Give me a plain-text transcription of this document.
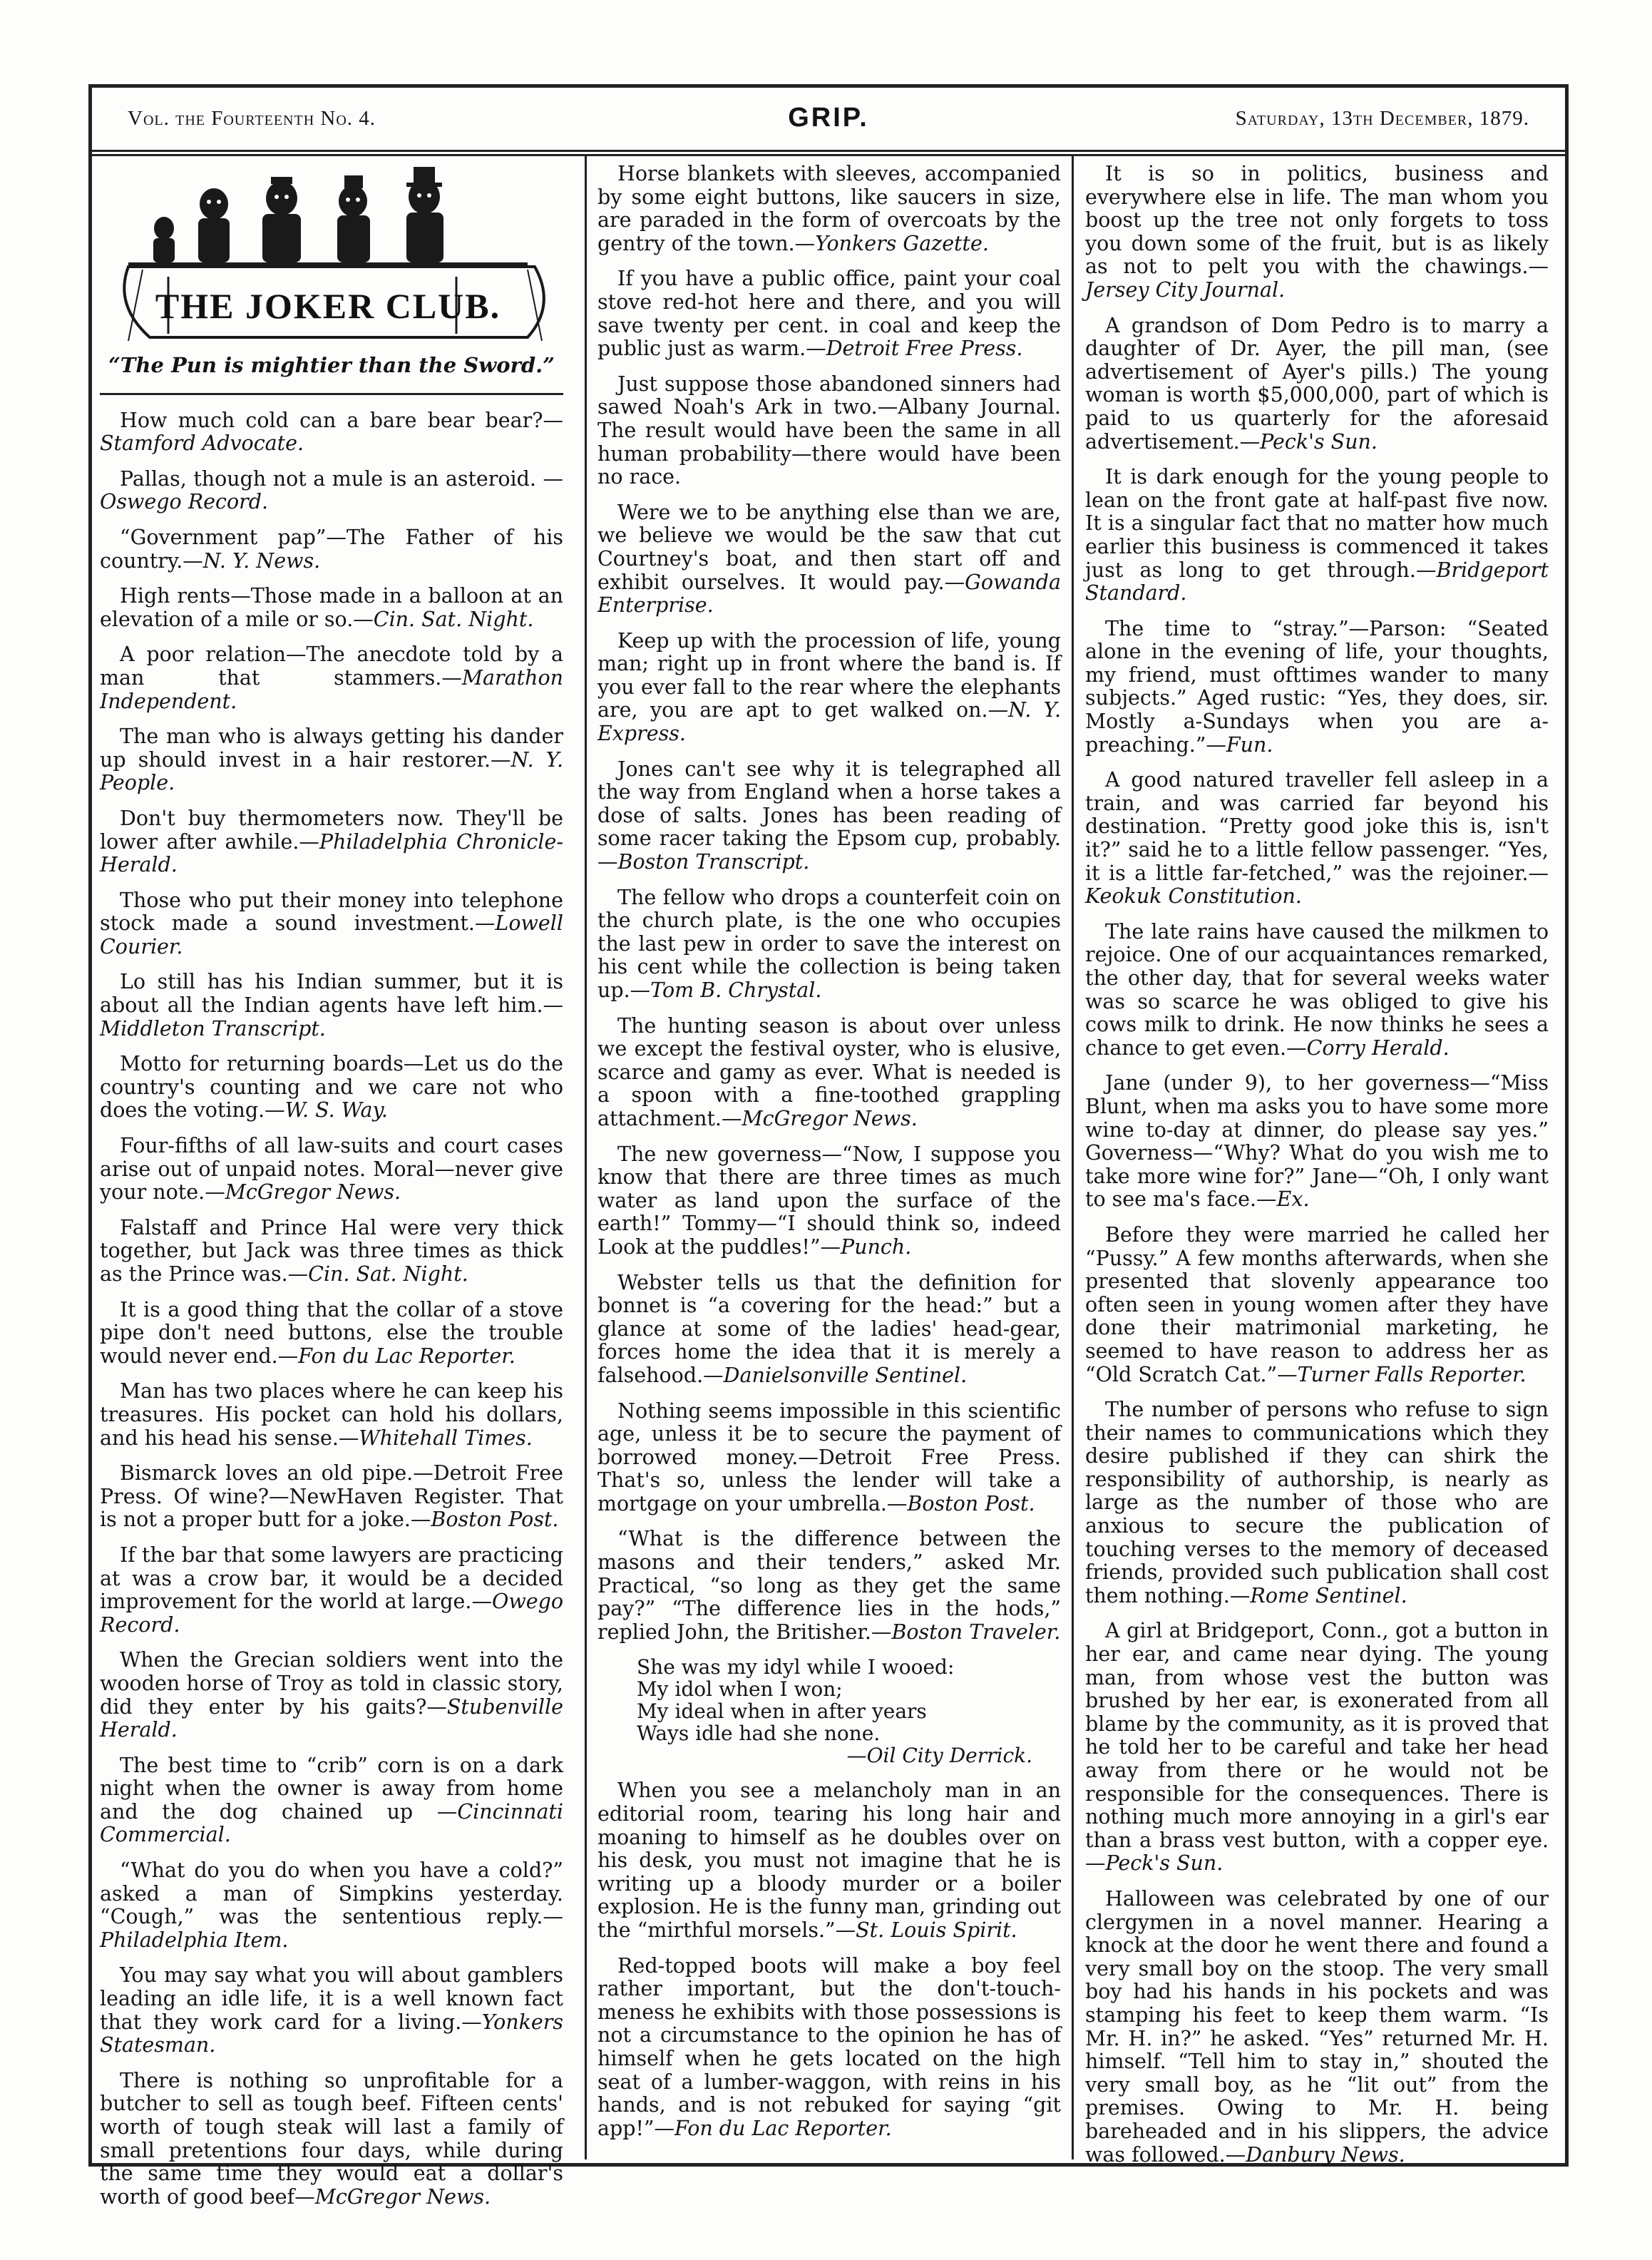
Vol. the Fourteenth No. 4.	GRIP.	Saturday, 13th December, 1879.
THE JOKER CLUB.
“The Pun is mightier than the Sword.”

How much cold can a bare bear bear?—Stamford Advocate.

Pallas, though not a mule is an asteroid. —Oswego Record.

“Government pap”—The Father of his country.—N. Y. News.

High rents—Those made in a balloon at an elevation of a mile or so.—Cin. Sat. Night.

A poor relation—The anecdote told by a man that stammers.—Marathon Independent.

The man who is always getting his dander up should invest in a hair restorer.—N. Y. People.

Don't buy thermometers now. They'll be lower after awhile.—Philadelphia Chronicle-Herald.

Those who put their money into telephone stock made a sound investment.—Lowell Courier.

Lo still has his Indian summer, but it is about all the Indian agents have left him.—Middleton Transcript.

Motto for returning boards—Let us do the country's counting and we care not who does the voting.—W. S. Way.

Four-fifths of all law-suits and court cases arise out of unpaid notes. Moral—never give your note.—McGregor News.

Falstaff and Prince Hal were very thick together, but Jack was three times as thick as the Prince was.—Cin. Sat. Night.

It is a good thing that the collar of a stove pipe don't need buttons, else the trouble would never end.—Fon du Lac Reporter.

Man has two places where he can keep his treasures. His pocket can hold his dollars, and his head his sense.—Whitehall Times.

Bismarck loves an old pipe.—Detroit Free Press. Of wine?—NewHaven Register. That is not a proper butt for a joke.—Boston Post.

If the bar that some lawyers are practicing at was a crow bar, it would be a decided improvement for the world at large.—Owego Record.

When the Grecian soldiers went into the wooden horse of Troy as told in classic story, did they enter by his gaits?—Stubenville Herald.

The best time to “crib” corn is on a dark night when the owner is away from home and the dog chained up —Cincinnati Commercial.

“What do you do when you have a cold?” asked a man of Simpkins yesterday. “Cough,” was the sententious reply.—Philadelphia Item.

You may say what you will about gamblers leading an idle life, it is a well known fact that they work card for a living.—Yonkers Statesman.

There is nothing so unprofitable for a butcher to sell as tough beef. Fifteen cents' worth of tough steak will last a family of small pretentions four days, while during the same time they would eat a dollar's worth of good beef—McGregor News.

Horse blankets with sleeves, accompanied by some eight buttons, like saucers in size, are paraded in the form of overcoats by the gentry of the town.—Yonkers Gazette.

If you have a public office, paint your coal stove red-hot here and there, and you will save twenty per cent. in coal and keep the public just as warm.—Detroit Free Press.

Just suppose those abandoned sinners had sawed Noah's Ark in two.—Albany Journal. The result would have been the same in all human probability—there would have been no race.

Were we to be anything else than we are, we believe we would be the saw that cut Courtney's boat, and then start off and exhibit ourselves. It would pay.—Gowanda Enterprise.

Keep up with the procession of life, young man; right up in front where the band is. If you ever fall to the rear where the elephants are, you are apt to get walked on.—N. Y. Express.

Jones can't see why it is telegraphed all the way from England when a horse takes a dose of salts. Jones has been reading of some racer taking the Epsom cup, probably. —Boston Transcript.

The fellow who drops a counterfeit coin on the church plate, is the one who occupies the last pew in order to save the interest on his cent while the collection is being taken up.—Tom B. Chrystal.

The hunting season is about over unless we except the festival oyster, who is elusive, scarce and gamy as ever. What is needed is a spoon with a fine-toothed grappling attachment.—McGregor News.

The new governess—“Now, I suppose you know that there are three times as much water as land upon the surface of the earth!” Tommy—“I should think so, indeed Look at the puddles!”—Punch.

Webster tells us that the definition for bonnet is “a covering for the head:” but a glance at some of the ladies' head-gear, forces home the idea that it is merely a falsehood.—Danielsonville Sentinel.

Nothing seems impossible in this scientific age, unless it be to secure the payment of borrowed money.—Detroit Free Press. That's so, unless the lender will take a mortgage on your umbrella.—Boston Post.

“What is the difference between the masons and their tenders,” asked Mr. Practical, “so long as they get the same pay?” “The difference lies in the hods,” replied John, the Britisher.—Boston Traveler.

She was my idyl while I wooed:
My idol when I won;
My ideal when in after years
Ways idle had she none.
—Oil City Derrick.

When you see a melancholy man in an editorial room, tearing his long hair and moaning to himself as he doubles over on his desk, you must not imagine that he is writing up a bloody murder or a boiler explosion. He is the funny man, grinding out the “mirthful morsels.”—St. Louis Spirit.

Red-topped boots will make a boy feel rather important, but the don't-touch-meness he exhibits with those possessions is not a circumstance to the opinion he has of himself when he gets located on the high seat of a lumber-waggon, with reins in his hands, and is not rebuked for saying “git app!”—Fon du Lac Reporter.

It is so in politics, business and everywhere else in life. The man whom you boost up the tree not only forgets to toss you down some of the fruit, but is as likely as not to pelt you with the chawings.—Jersey City Journal.

A grandson of Dom Pedro is to marry a daughter of Dr. Ayer, the pill man, (see advertisement of Ayer's pills.) The young woman is worth $5,000,000, part of which is paid to us quarterly for the aforesaid advertisement.—Peck's Sun.

It is dark enough for the young people to lean on the front gate at half-past five now. It is a singular fact that no matter how much earlier this business is commenced it takes just as long to get through.—Bridgeport Standard.

The time to “stray.”—Parson: “Seated alone in the evening of life, your thoughts, my friend, must ofttimes wander to many subjects.” Aged rustic: “Yes, they does, sir. Mostly a-Sundays when you are a-preaching.”—Fun.

A good natured traveller fell asleep in a train, and was carried far beyond his destination. “Pretty good joke this is, isn't it?” said he to a little fellow passenger. “Yes, it is a little far-fetched,” was the rejoiner.—Keokuk Constitution.

The late rains have caused the milkmen to rejoice. One of our acquaintances remarked, the other day, that for several weeks water was so scarce he was obliged to give his cows milk to drink. He now thinks he sees a chance to get even.—Corry Herald.

Jane (under 9), to her governess—“Miss Blunt, when ma asks you to have some more wine to-day at dinner, do please say yes.” Governess—“Why? What do you wish me to take more wine for?” Jane—“Oh, I only want to see ma's face.—Ex.

Before they were married he called her “Pussy.” A few months afterwards, when she presented that slovenly appearance too often seen in young women after they have done their matrimonial marketing, he seemed to have reason to address her as “Old Scratch Cat.”—Turner Falls Reporter.

The number of persons who refuse to sign their names to communications which they desire published if they can shirk the responsibility of authorship, is nearly as large as the number of those who are anxious to secure the publication of touching verses to the memory of deceased friends, provided such publication shall cost them nothing.—Rome Sentinel.

A girl at Bridgeport, Conn., got a button in her ear, and came near dying. The young man, from whose vest the button was brushed by her ear, is exonerated from all blame by the community, as it is proved that he told her to be careful and take her head away from there or he would not be responsible for the consequences. There is nothing much more annoying in a girl's ear than a brass vest button, with a copper eye.—Peck's Sun.

Halloween was celebrated by one of our clergymen in a novel manner. Hearing a knock at the door he went there and found a very small boy on the stoop. The very small boy had his hands in his pockets and was stamping his feet to keep them warm. “Is Mr. H. in?” he asked. “Yes” returned Mr. H. himself. “Tell him to stay in,” shouted the very small boy, as he “lit out” from the premises. Owing to Mr. H. being bareheaded and in his slippers, the advice was followed.—Danbury News.
